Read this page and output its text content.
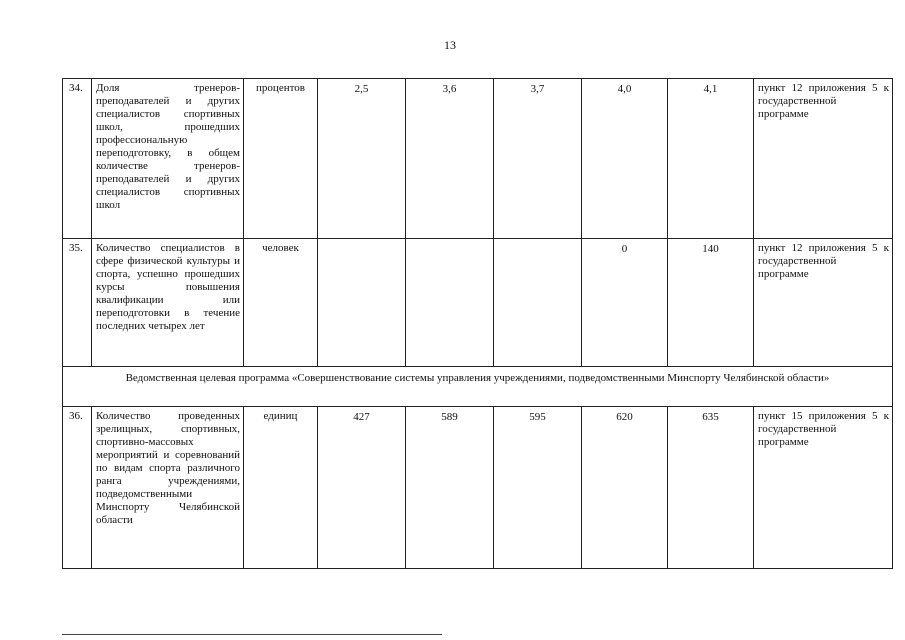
13
34.	Доля тренеров-преподавателей и других специалистов спортивных школ, прошедших профессиональную переподготовку, в общем количестве тренеров-преподавателей и других специалистов спортивных школ	процентов	2,5	3,6	3,7	4,0	4,1	пункт 12 приложения 5 к государственной программе
35.	Количество специалистов в сфере физической культуры и спорта, успешно прошедших курсы повышения квалификации или переподготовки в течение последних четырех лет	человек				0	140	пункт 12 приложения 5 к государственной программе
Ведомственная целевая программа «Совершенствование системы управления учреждениями, подведомственными Минспорту Челябинской области»								
36.	Количество проведенных зрелищных, спортивных, спортивно-массовых мероприятий и соревнований по видам спорта различного ранга учреждениями, подведомственными Минспорту Челябинской области	единиц	427	589	595	620	635	пункт 15 приложения 5 к государственной программе
